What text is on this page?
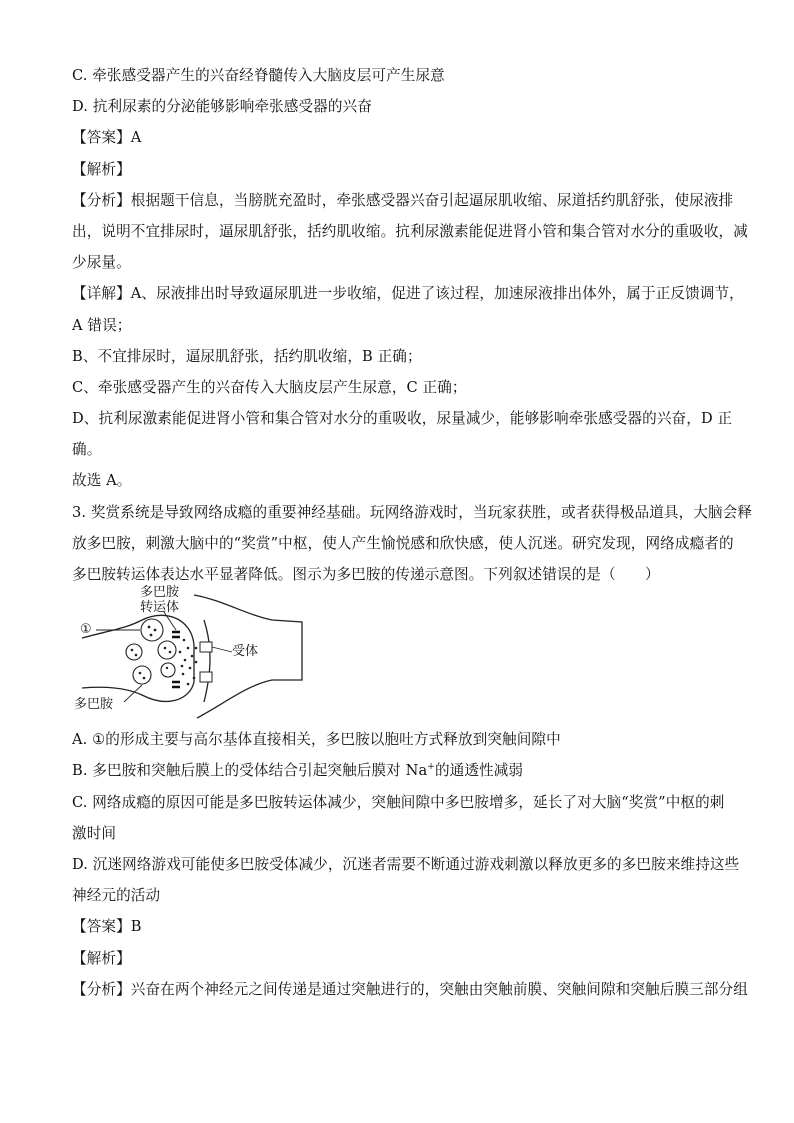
C. 牵张感受器产生的兴奋经脊髓传入大脑皮层可产生尿意
D. 抗利尿素的分泌能够影响牵张感受器的兴奋
【答案】A
【解析】
【分析】根据题干信息，当膀胱充盈时，牵张感受器兴奋引起逼尿肌收缩、尿道括约肌舒张，使尿液排
出，说明不宜排尿时，逼尿肌舒张，括约肌收缩。抗利尿激素能促进肾小管和集合管对水分的重吸收，减
少尿量。
【详解】A、尿液排出时导致逼尿肌进一步收缩，促进了该过程，加速尿液排出体外，属于正反馈调节，
A 错误；
B、不宜排尿时，逼尿肌舒张，括约肌收缩，B 正确；
C、牵张感受器产生的兴奋传入大脑皮层产生尿意，C 正确；
D、抗利尿激素能促进肾小管和集合管对水分的重吸收，尿量减少，能够影响牵张感受器的兴奋，D 正
确。
故选 A。
3. 奖赏系统是导致网络成瘾的重要神经基础。玩网络游戏时，当玩家获胜，或者获得极品道具，大脑会释
放多巴胺，刺激大脑中的“奖赏”中枢，使人产生愉悦感和欣快感，使人沉迷。研究发现，网络成瘾者的
多巴胺转运体表达水平显著降低。图示为多巴胺的传递示意图。下列叙述错误的是（　　）
多巴胺
转运体
①
受体
多巴胺
A. ①的形成主要与高尔基体直接相关，多巴胺以胞吐方式释放到突触间隙中
B. 多巴胺和突触后膜上的受体结合引起突触后膜对 Na+的通透性减弱
C. 网络成瘾的原因可能是多巴胺转运体减少，突触间隙中多巴胺增多，延长了对大脑“奖赏”中枢的刺
激时间
D. 沉迷网络游戏可能使多巴胺受体减少，沉迷者需要不断通过游戏刺激以释放更多的多巴胺来维持这些
神经元的活动
【答案】B
【解析】
【分析】兴奋在两个神经元之间传递是通过突触进行的，突触由突触前膜、突触间隙和突触后膜三部分组
